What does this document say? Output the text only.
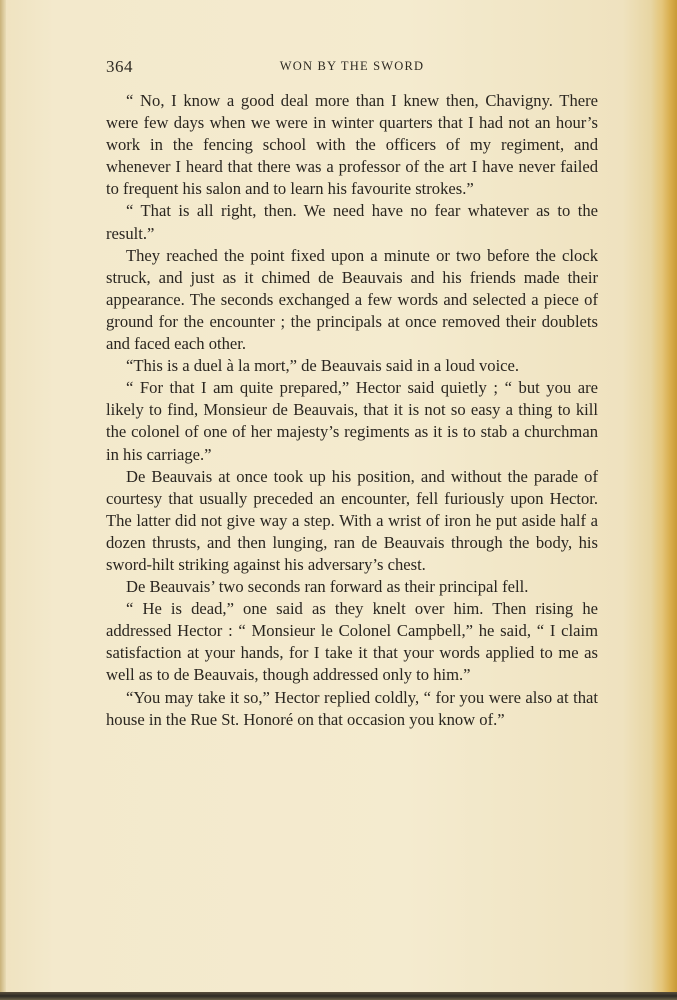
364	WON BY THE SWORD

“ No, I know a good deal more than I knew then, Chavigny. There were few days when we were in winter quarters that I had not an hour’s work in the fencing school with the officers of my regiment, and whenever I heard that there was a professor of the art I have never failed to frequent his salon and to learn his favourite strokes.”

“ That is all right, then. We need have no fear whatever as to the result.”

They reached the point fixed upon a minute or two before the clock struck, and just as it chimed de Beauvais and his friends made their appearance. The seconds exchanged a few words and selected a piece of ground for the encounter ; the principals at once removed their doublets and faced each other.

“This is a duel à la mort,” de Beauvais said in a loud voice.

“ For that I am quite prepared,” Hector said quietly ; “ but you are likely to find, Monsieur de Beauvais, that it is not so easy a thing to kill the colonel of one of her majesty’s regiments as it is to stab a churchman in his carriage.”

De Beauvais at once took up his position, and without the parade of courtesy that usually preceded an encounter, fell furiously upon Hector. The latter did not give way a step. With a wrist of iron he put aside half a dozen thrusts, and then lunging, ran de Beauvais through the body, his sword-hilt striking against his adversary’s chest.

De Beauvais’ two seconds ran forward as their principal fell.

“ He is dead,” one said as they knelt over him. Then rising he addressed Hector : “ Monsieur le Colonel Campbell,” he said, “ I claim satisfaction at your hands, for I take it that your words applied to me as well as to de Beauvais, though addressed only to him.”

“You may take it so,” Hector replied coldly, “ for you were also at that house in the Rue St. Honoré on that occasion you know of.”
